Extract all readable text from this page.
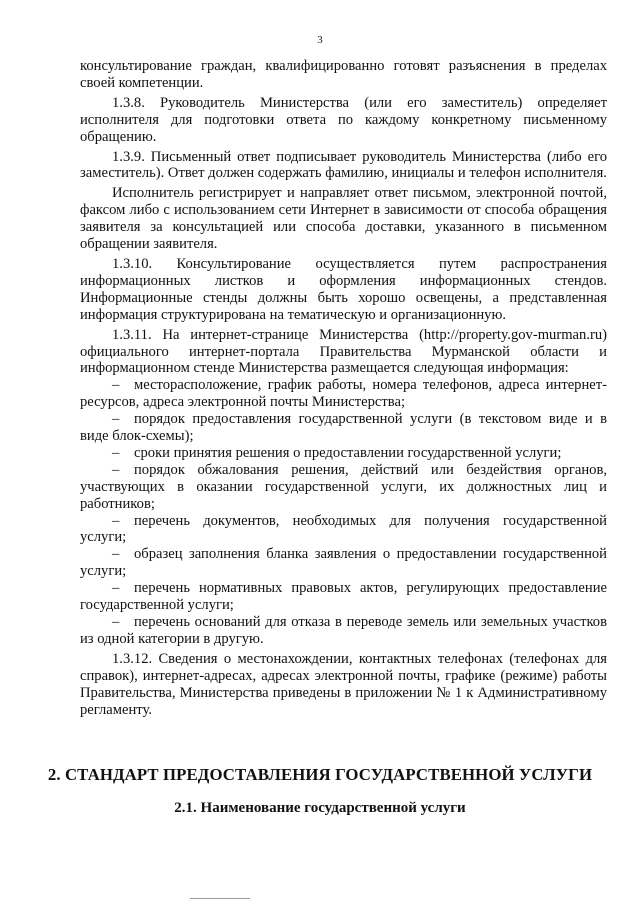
3

консультирование граждан, квалифицированно готовят разъяснения в пределах своей компетенции.

1.3.8. Руководитель Министерства (или его заместитель) определяет исполнителя для подготовки ответа по каждому конкретному письменному обращению.

1.3.9. Письменный ответ подписывает руководитель Министерства (либо его заместитель). Ответ должен содержать фамилию, инициалы и телефон исполнителя.

Исполнитель регистрирует и направляет ответ письмом, электронной почтой, факсом либо с использованием сети Интернет в зависимости от способа обращения заявителя за консультацией или способа доставки, указанного в письменном обращении заявителя.

1.3.10. Консультирование осуществляется путем распространения информационных листков и оформления информационных стендов. Информационные стенды должны быть хорошо освещены, а представленная информация структурирована на тематическую и организационную.

1.3.11. На интернет-странице Министерства (http://property.gov-murman.ru) официального интернет-портала Правительства Мурманской области и информационном стенде Министерства размещается следующая информация:

– месторасположение, график работы, номера телефонов, адреса интернет-ресурсов, адреса электронной почты Министерства;

– порядок предоставления государственной услуги (в текстовом виде и в виде блок-схемы);

– сроки принятия решения о предоставлении государственной услуги;

– порядок обжалования решения, действий или бездействия органов, участвующих в оказании государственной услуги, их должностных лиц и работников;

– перечень документов, необходимых для получения государственной услуги;

– образец заполнения бланка заявления о предоставлении государственной услуги;

– перечень нормативных правовых актов, регулирующих предоставление государственной услуги;

– перечень оснований для отказа в переводе земель или земельных участков из одной категории в другую.

1.3.12. Сведения о местонахождении, контактных телефонах (телефонах для справок), интернет-адресах, адресах электронной почты, графике (режиме) работы Правительства, Министерства приведены в приложении № 1 к Административному регламенту.

2. СТАНДАРТ ПРЕДОСТАВЛЕНИЯ ГОСУДАРСТВЕННОЙ УСЛУГИ
2.1. Наименование государственной услуги
